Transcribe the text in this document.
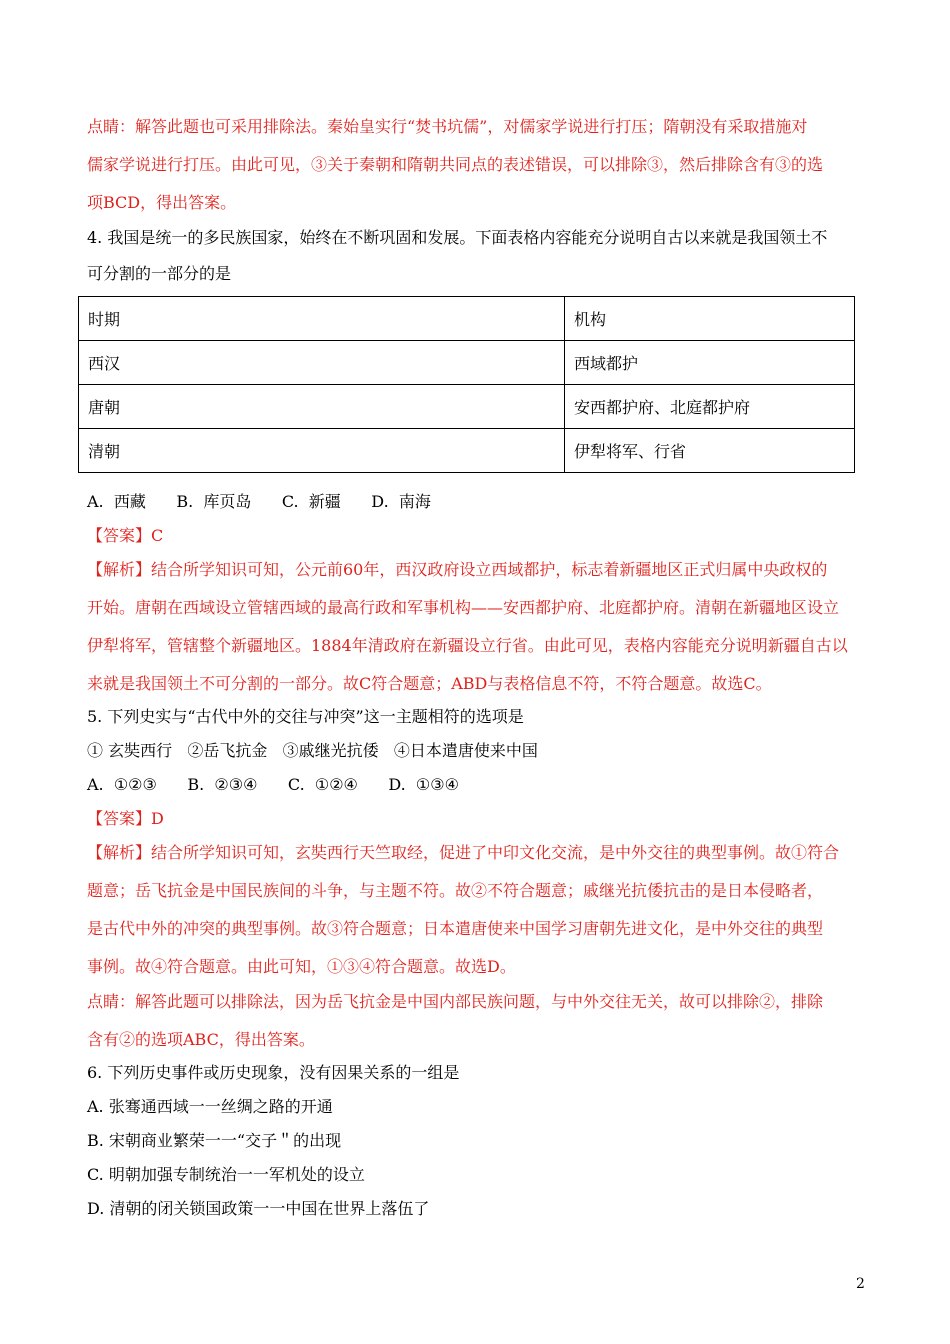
点睛：解答此题也可采用排除法。秦始皇实行“焚书坑儒”，对儒家学说进行打压；隋朝没有采取措施对
儒家学说进行打压。由此可见，③关于秦朝和隋朝共同点的表述错误，可以排除③，然后排除含有③的选
项BCD，得出答案。
4. 我国是统一的多民族国家，始终在不断巩固和发展。下面表格内容能充分说明自古以来就是我国领土不
可分割的一部分的是
时期	机构
西汉	西域都护
唐朝	安西都护府、北庭都护府
清朝	伊犁将军、行省
A.  西藏      B.  库页岛      C.  新疆      D.  南海
【答案】C
【解析】结合所学知识可知，公元前60年，西汉政府设立西域都护，标志着新疆地区正式归属中央政权的
开始。唐朝在西域设立管辖西域的最高行政和军事机构——安西都护府、北庭都护府。清朝在新疆地区设立
伊犁将军，管辖整个新疆地区。1884年清政府在新疆设立行省。由此可见，表格内容能充分说明新疆自古以
来就是我国领土不可分割的一部分。故C符合题意；ABD与表格信息不符，不符合题意。故选C。
5. 下列史实与“古代中外的交往与冲突”这一主题相符的选项是
① 玄奘西行   ②岳飞抗金   ③戚继光抗倭   ④日本遣唐使来中国
A.  ①②③      B.  ②③④      C.  ①②④      D.  ①③④
【答案】D
【解析】结合所学知识可知，玄奘西行天竺取经，促进了中印文化交流，是中外交往的典型事例。故①符合
题意；岳飞抗金是中国民族间的斗争，与主题不符。故②不符合题意；戚继光抗倭抗击的是日本侵略者，
是古代中外的冲突的典型事例。故③符合题意；日本遣唐使来中国学习唐朝先进文化，是中外交往的典型
事例。故④符合题意。由此可知，①③④符合题意。故选D。
点睛：解答此题可以排除法，因为岳飞抗金是中国内部民族问题，与中外交往无关，故可以排除②，排除
含有②的选项ABC，得出答案。
6. 下列历史事件或历史现象，没有因果关系的一组是
A. 张骞通西域一一丝绸之路的开通
B. 宋朝商业繁荣一一“交子＂的出现
C. 明朝加强专制统治一一军机处的设立
D. 清朝的闭关锁国政策一一中国在世界上落伍了
2
